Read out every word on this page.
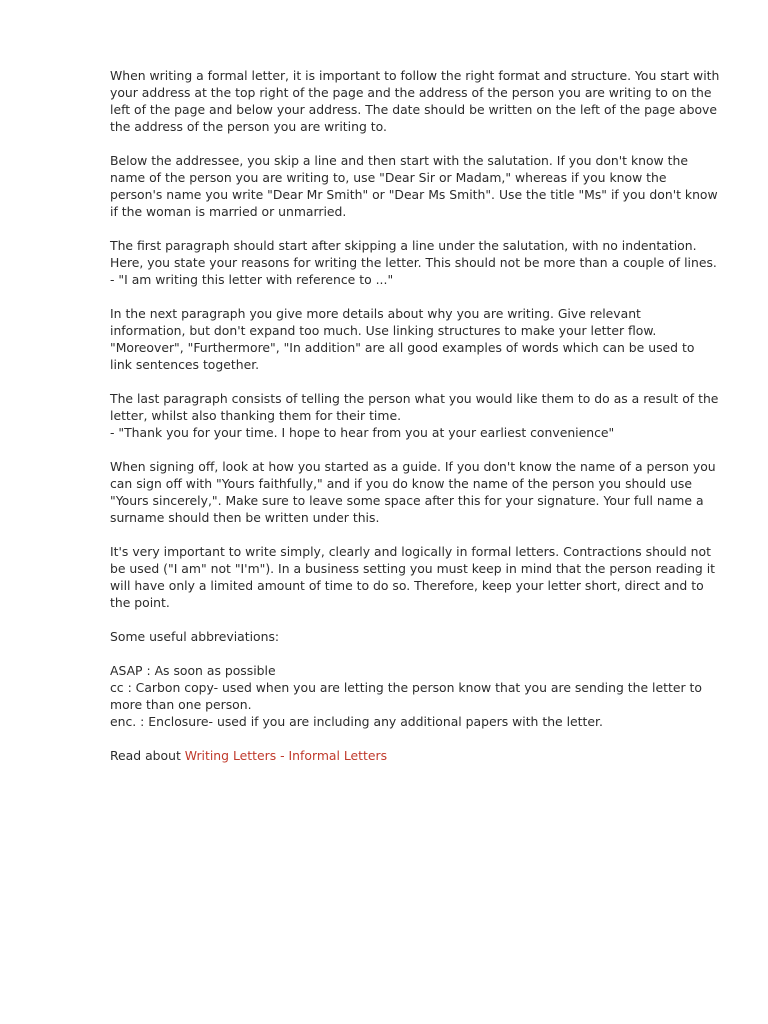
When writing a formal letter, it is important to follow the right format and structure. You start with your address at the top right of the page and the address of the person you are writing to on the left of the page and below your address. The date should be written on the left of the page above the address of the person you are writing to.

Below the addressee, you skip a line and then start with the salutation. If you don't know the name of the person you are writing to, use "Dear Sir or Madam," whereas if you know the person's name you write "Dear Mr Smith" or "Dear Ms Smith". Use the title "Ms" if you don't know if the woman is married or unmarried.

The first paragraph should start after skipping a line under the salutation, with no indentation. Here, you state your reasons for writing the letter. This should not be more than a couple of lines.
- "I am writing this letter with reference to ..."

In the next paragraph you give more details about why you are writing. Give relevant information, but don't expand too much. Use linking structures to make your letter flow. "Moreover", "Furthermore", "In addition" are all good examples of words which can be used to link sentences together.

The last paragraph consists of telling the person what you would like them to do as a result of the letter, whilst also thanking them for their time.
- "Thank you for your time. I hope to hear from you at your earliest convenience"

When signing off, look at how you started as a guide. If you don't know the name of a person you can sign off with "Yours faithfully," and if you do know the name of the person you should use "Yours sincerely,". Make sure to leave some space after this for your signature. Your full name a surname should then be written under this.

It's very important to write simply, clearly and logically in formal letters. Contractions should not be used ("I am" not "I'm"). In a business setting you must keep in mind that the person reading it will have only a limited amount of time to do so. Therefore, keep your letter short, direct and to the point.

Some useful abbreviations:

ASAP : As soon as possible
cc : Carbon copy- used when you are letting the person know that you are sending the letter to more than one person.
enc. : Enclosure- used if you are including any additional papers with the letter.

Read about Writing Letters - Informal Letters
